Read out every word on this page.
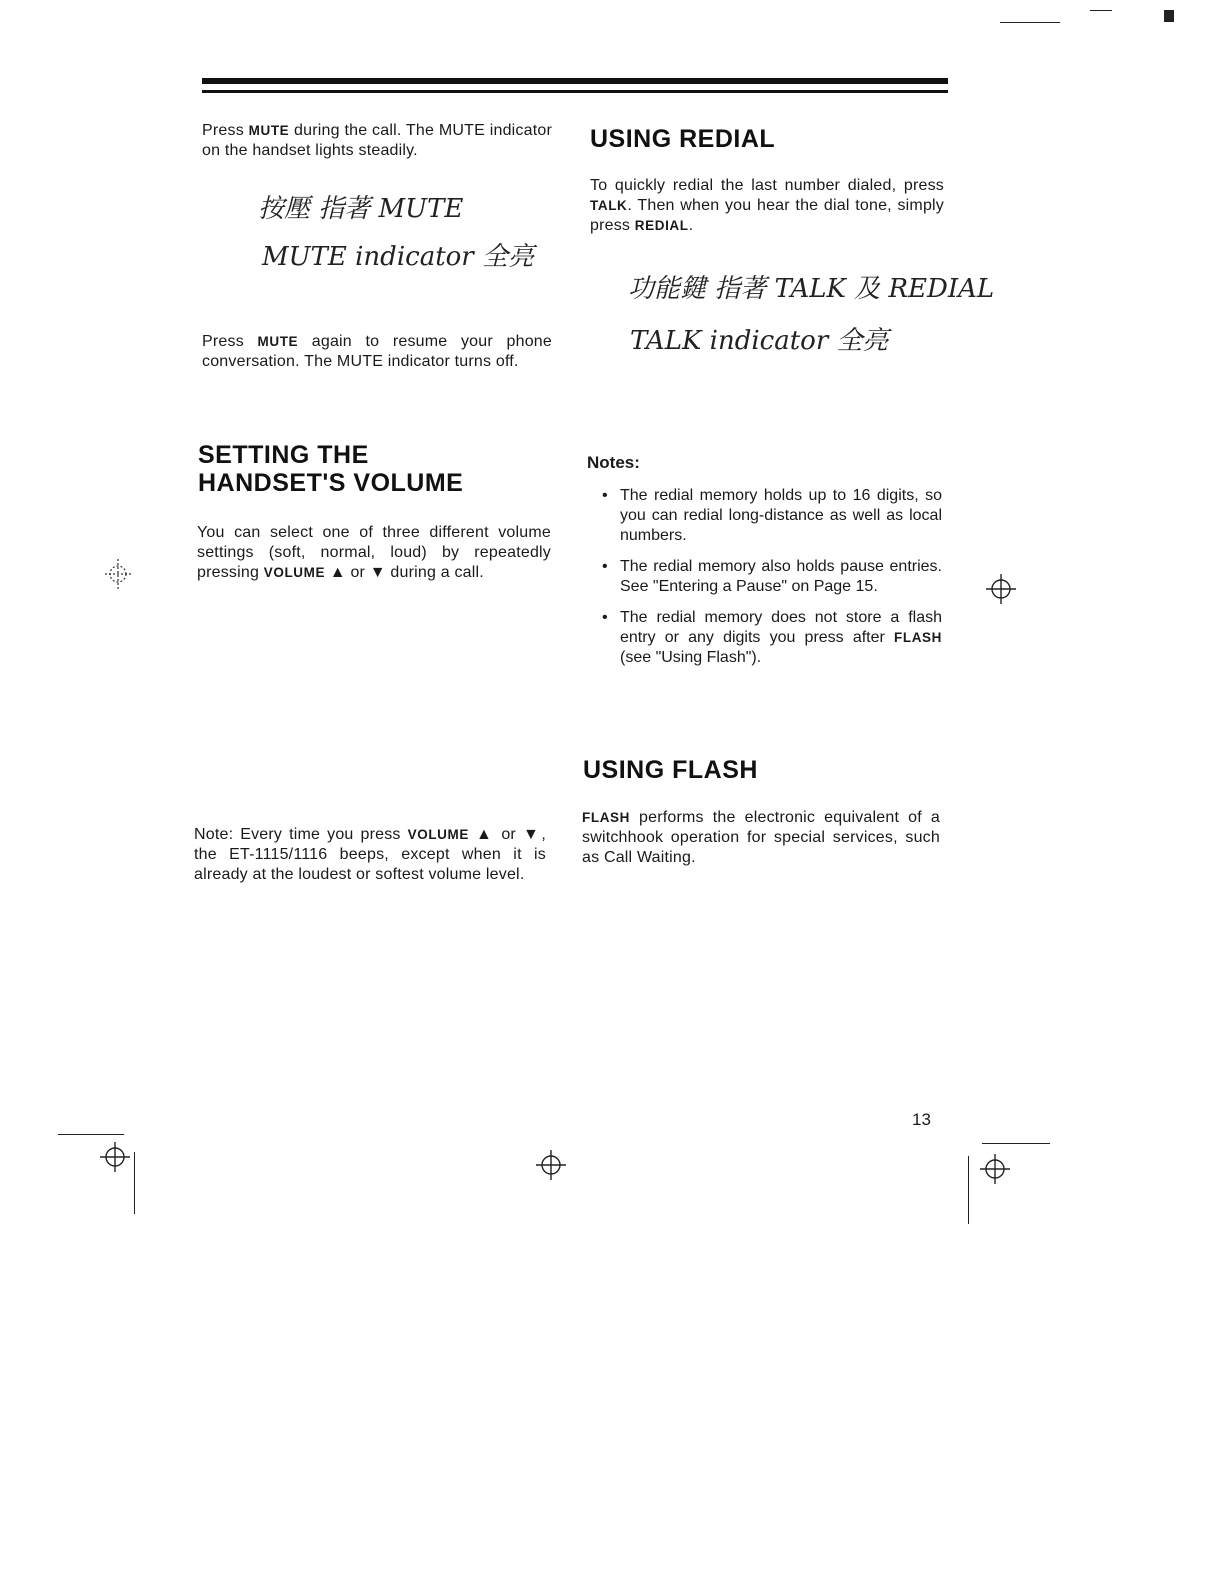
Press MUTE during the call. The MUTE indicator on the handset lights steadily.

按壓 指著 MUTE
MUTE indicator 全亮

Press MUTE again to resume your phone conversation. The MUTE indicator turns off.

SETTING THE
HANDSET'S VOLUME

You can select one of three different volume settings (soft, normal, loud) by repeatedly pressing VOLUME ▲ or ▼ during a call.

Note: Every time you press VOLUME ▲ or ▼, the ET-1115/1116 beeps, except when it is already at the loudest or softest volume level.

USING REDIAL

To quickly redial the last number dialed, press TALK. Then when you hear the dial tone, simply press REDIAL.

功能鍵 指著 TALK 及 REDIAL
TALK indicator 全亮
Notes:
• The redial memory holds up to 16 digits, so you can redial long-distance as well as local numbers.
• The redial memory also holds pause entries. See "Entering a Pause" on Page 15.
• The redial memory does not store a flash entry or any digits you press after FLASH (see "Using Flash").
USING FLASH

FLASH performs the electronic equivalent of a switchhook operation for special services, such as Call Waiting.

13
